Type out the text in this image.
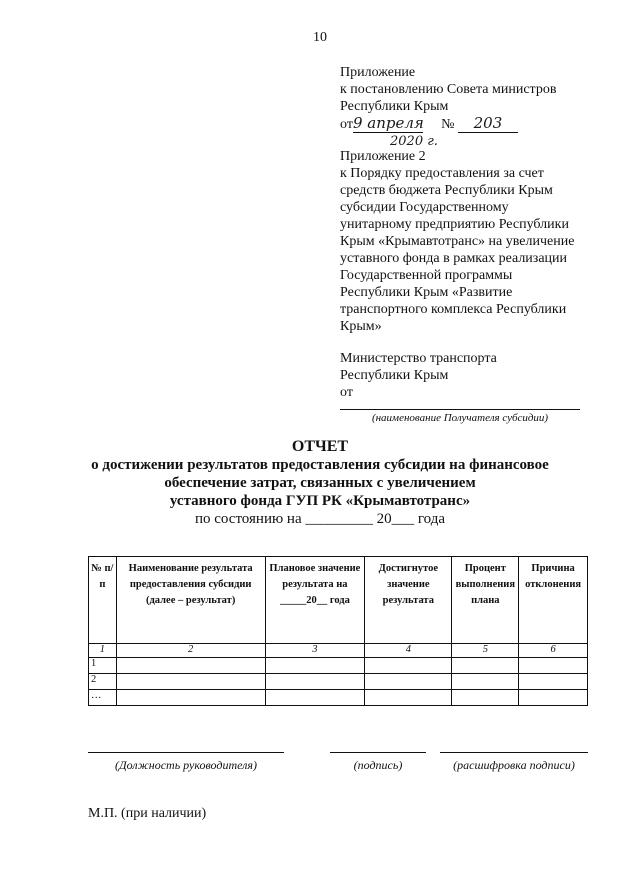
10
Приложение
к постановлению Совета министров
Республики Крым
от9 апреля № 203
2020 г.
Приложение 2
к Порядку предоставления за счет
средств бюджета Республики Крым
субсидии Государственному
унитарному предприятию Республики
Крым «Крымавтотранс» на увеличение
уставного фонда в рамках реализации
Государственной программы
Республики Крым «Развитие
транспортного комплекса Республики
Крым»
Министерство транспорта
Республики Крым
от
(наименование Получателя субсидии)
ОТЧЕТ
о достижении результатов предоставления субсидии на финансовое
обеспечение затрат, связанных с увеличением
уставного фонда ГУП РК «Крымавтотранс»
по состоянию на _________ 20___ года
№ п/п	Наименование результата предоставления субсидии (далее – результат)	Плановое значение результата на _____20__ года	Достигнутое значение результата	Процент выполнения плана	Причина отклонения
1	2	3	4	5	6
1					
2					
…					
(Должность руководителя)	(подпись)	(расшифровка подписи)
М.П. (при наличии)
